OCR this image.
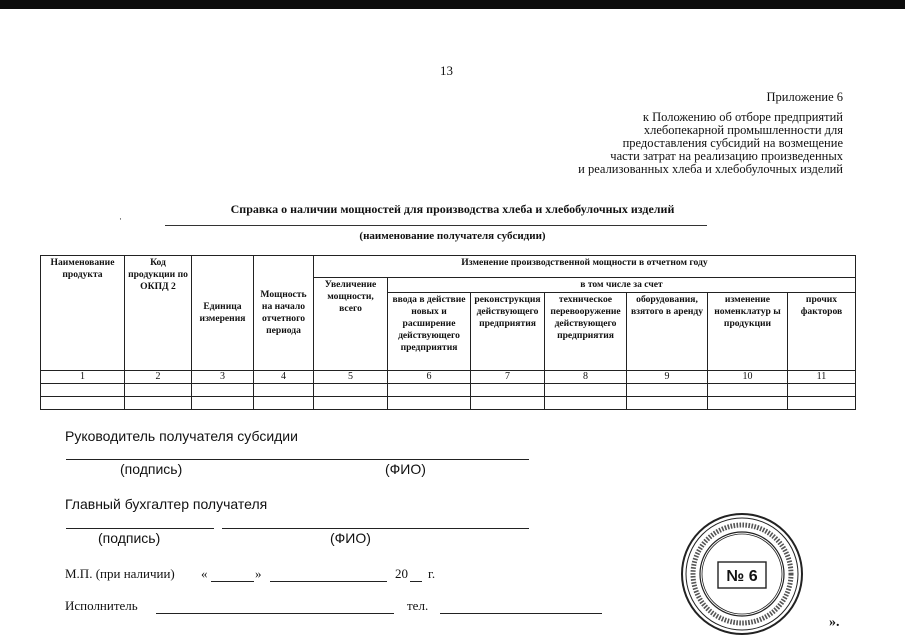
13
Приложение 6
к Положению об отборе предприятий
хлебопекарной промышленности для
предоставления субсидий на возмещение
части затрат на реализацию произведенных
и реализованных хлеба и хлебобулочных изделий
·
Справка о наличии мощностей для производства хлеба и хлебобулочных изделий
(наименование получателя субсидии)
Наименование продукта	Код продукции по ОКПД 2	Единица измерения	Мощность на начало отчетного периода	Изменение производственной мощности в отчетном году						
				Увеличение мощности, всего	в том числе за счет					
					ввода в действие новых и расширение действующего предприятия	реконструкция действующего предприятия	техническое перевооружение действующего предприятия	оборудования, взятого в аренду	изменение номенклатур ы продукции	прочих факторов
1	2	3	4	5	6	7	8	9	10	11

Руководитель получателя субсидии
(подпись)	(ФИО)
Главный бухгалтер получателя
(подпись)	(ФИО)
М.П. (при наличии) «	»	20 г.
Исполнитель	тел.
№ 6
».
